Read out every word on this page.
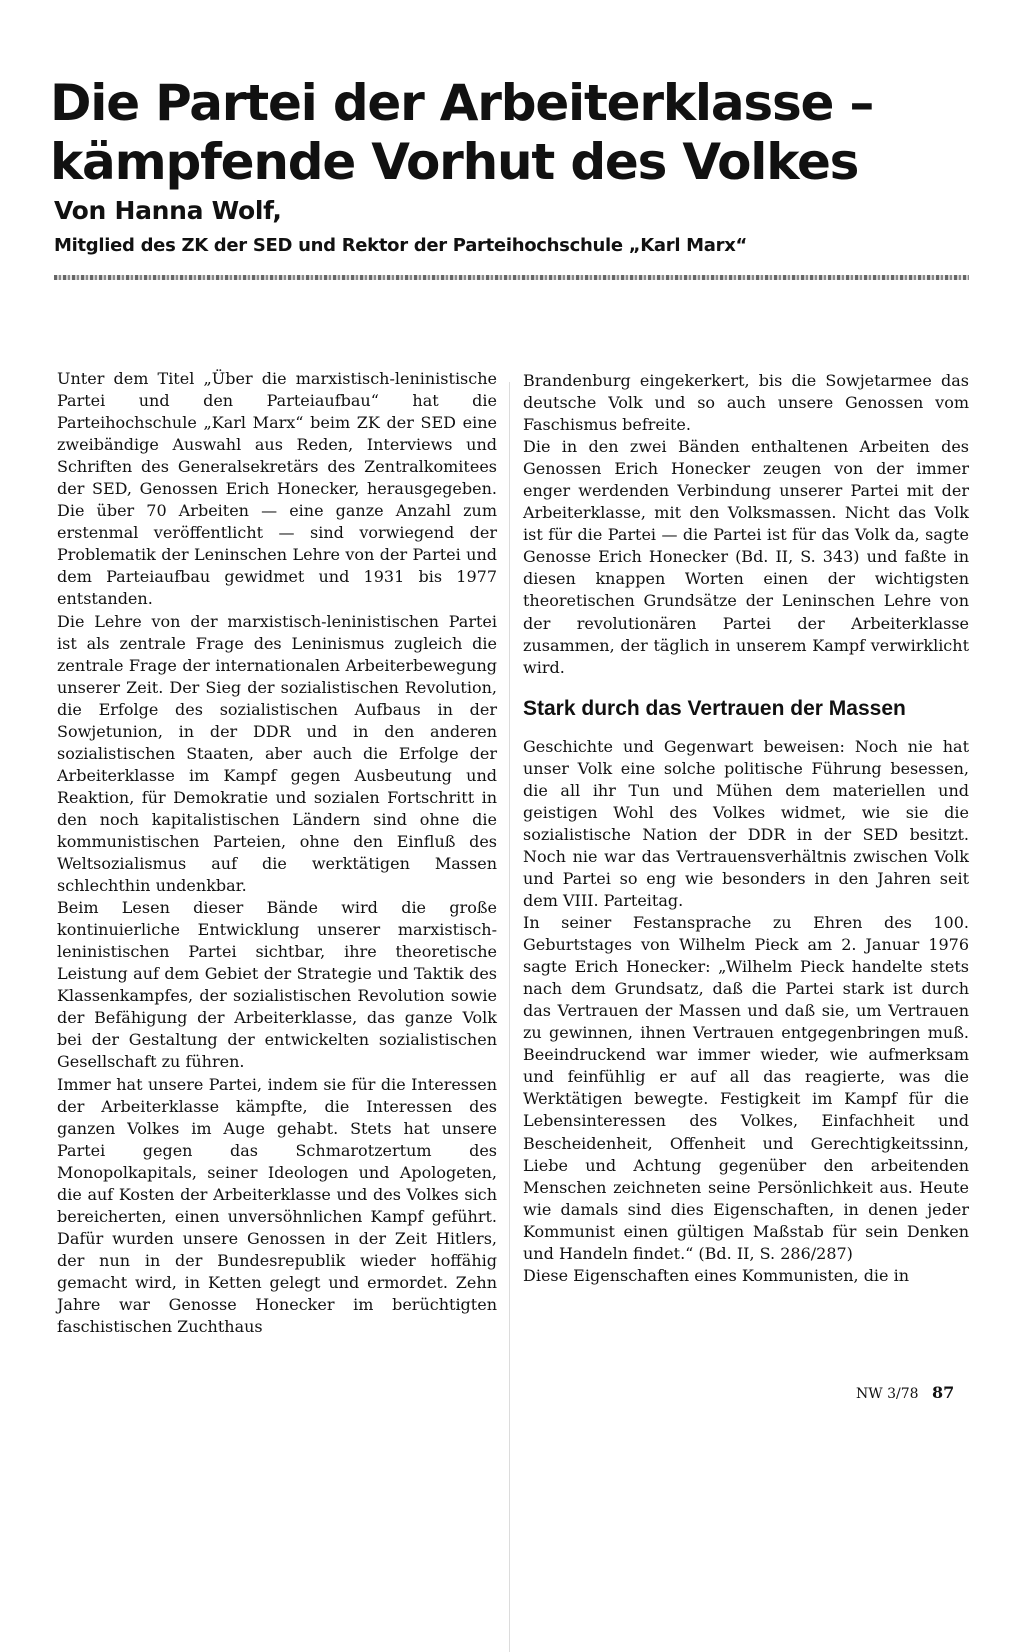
Die Partei der Arbeiterklasse –
kämpfende Vorhut des Volkes
Von Hanna Wolf,
Mitglied des ZK der SED und Rektor der Parteihochschule „Karl Marx“

Unter dem Titel „Über die marxistisch-leninistische Partei und den Parteiaufbau“ hat die Parteihochschule „Karl Marx“ beim ZK der SED eine zweibändige Auswahl aus Reden, Interviews und Schriften des Generalsekretärs des Zentralkomitees der SED, Genossen Erich Honecker, herausgegeben. Die über 70 Arbeiten — eine ganze Anzahl zum erstenmal veröffentlicht — sind vorwiegend der Problematik der Leninschen Lehre von der Partei und dem Parteiaufbau gewidmet und 1931 bis 1977 entstanden.

Die Lehre von der marxistisch-leninistischen Partei ist als zentrale Frage des Leninismus zugleich die zentrale Frage der internationalen Arbeiterbewegung unserer Zeit. Der Sieg der sozialistischen Revolution, die Erfolge des sozialistischen Aufbaus in der Sowjetunion, in der DDR und in den anderen sozialistischen Staaten, aber auch die Erfolge der Arbeiterklasse im Kampf gegen Ausbeutung und Reaktion, für Demokratie und sozialen Fortschritt in den noch kapitalistischen Ländern sind ohne die kommunistischen Parteien, ohne den Einfluß des Weltsozialismus auf die werktätigen Massen schlechthin undenkbar.

Beim Lesen dieser Bände wird die große kontinuierliche Entwicklung unserer marxistisch-leninistischen Partei sichtbar, ihre theoretische Leistung auf dem Gebiet der Strategie und Taktik des Klassenkampfes, der sozialistischen Revolution sowie der Befähigung der Arbeiterklasse, das ganze Volk bei der Gestaltung der entwickelten sozialistischen Gesellschaft zu führen.

Immer hat unsere Partei, indem sie für die Interessen der Arbeiterklasse kämpfte, die Interessen des ganzen Volkes im Auge gehabt. Stets hat unsere Partei gegen das Schmarotzertum des Monopolkapitals, seiner Ideologen und Apologeten, die auf Kosten der Arbeiterklasse und des Volkes sich bereicherten, einen unversöhnlichen Kampf geführt. Dafür wurden unsere Genossen in der Zeit Hitlers, der nun in der Bundesrepublik wieder hoffähig gemacht wird, in Ketten gelegt und ermordet. Zehn Jahre war Genosse Honecker im berüchtigten faschistischen Zuchthaus

Brandenburg eingekerkert, bis die Sowjetarmee das deutsche Volk und so auch unsere Genossen vom Faschismus befreite.

Die in den zwei Bänden enthaltenen Arbeiten des Genossen Erich Honecker zeugen von der immer enger werdenden Verbindung unserer Partei mit der Arbeiterklasse, mit den Volksmassen. Nicht das Volk ist für die Partei — die Partei ist für das Volk da, sagte Genosse Erich Honecker (Bd. II, S. 343) und faßte in diesen knappen Worten einen der wichtigsten theoretischen Grundsätze der Leninschen Lehre von der revolutionären Partei der Arbeiterklasse zusammen, der täglich in unserem Kampf verwirklicht wird.

Stark durch das Vertrauen der Massen

Geschichte und Gegenwart beweisen: Noch nie hat unser Volk eine solche politische Führung besessen, die all ihr Tun und Mühen dem materiellen und geistigen Wohl des Volkes widmet, wie sie die sozialistische Nation der DDR in der SED besitzt. Noch nie war das Vertrauensverhältnis zwischen Volk und Partei so eng wie besonders in den Jahren seit dem VIII. Parteitag.

In seiner Festansprache zu Ehren des 100. Geburtstages von Wilhelm Pieck am 2. Januar 1976 sagte Erich Honecker: „Wilhelm Pieck handelte stets nach dem Grundsatz, daß die Partei stark ist durch das Vertrauen der Massen und daß sie, um Vertrauen zu gewinnen, ihnen Vertrauen entgegenbringen muß. Beeindruckend war immer wieder, wie aufmerksam und feinfühlig er auf all das reagierte, was die Werktätigen bewegte. Festigkeit im Kampf für die Lebensinteressen des Volkes, Einfachheit und Bescheidenheit, Offenheit und Gerechtigkeitssinn, Liebe und Achtung gegenüber den arbeitenden Menschen zeichneten seine Persönlichkeit aus. Heute wie damals sind dies Eigenschaften, in denen jeder Kommunist einen gültigen Maßstab für sein Denken und Handeln findet.“ (Bd. II, S. 286/287)

Diese Eigenschaften eines Kommunisten, die in

NW 3/78 87
